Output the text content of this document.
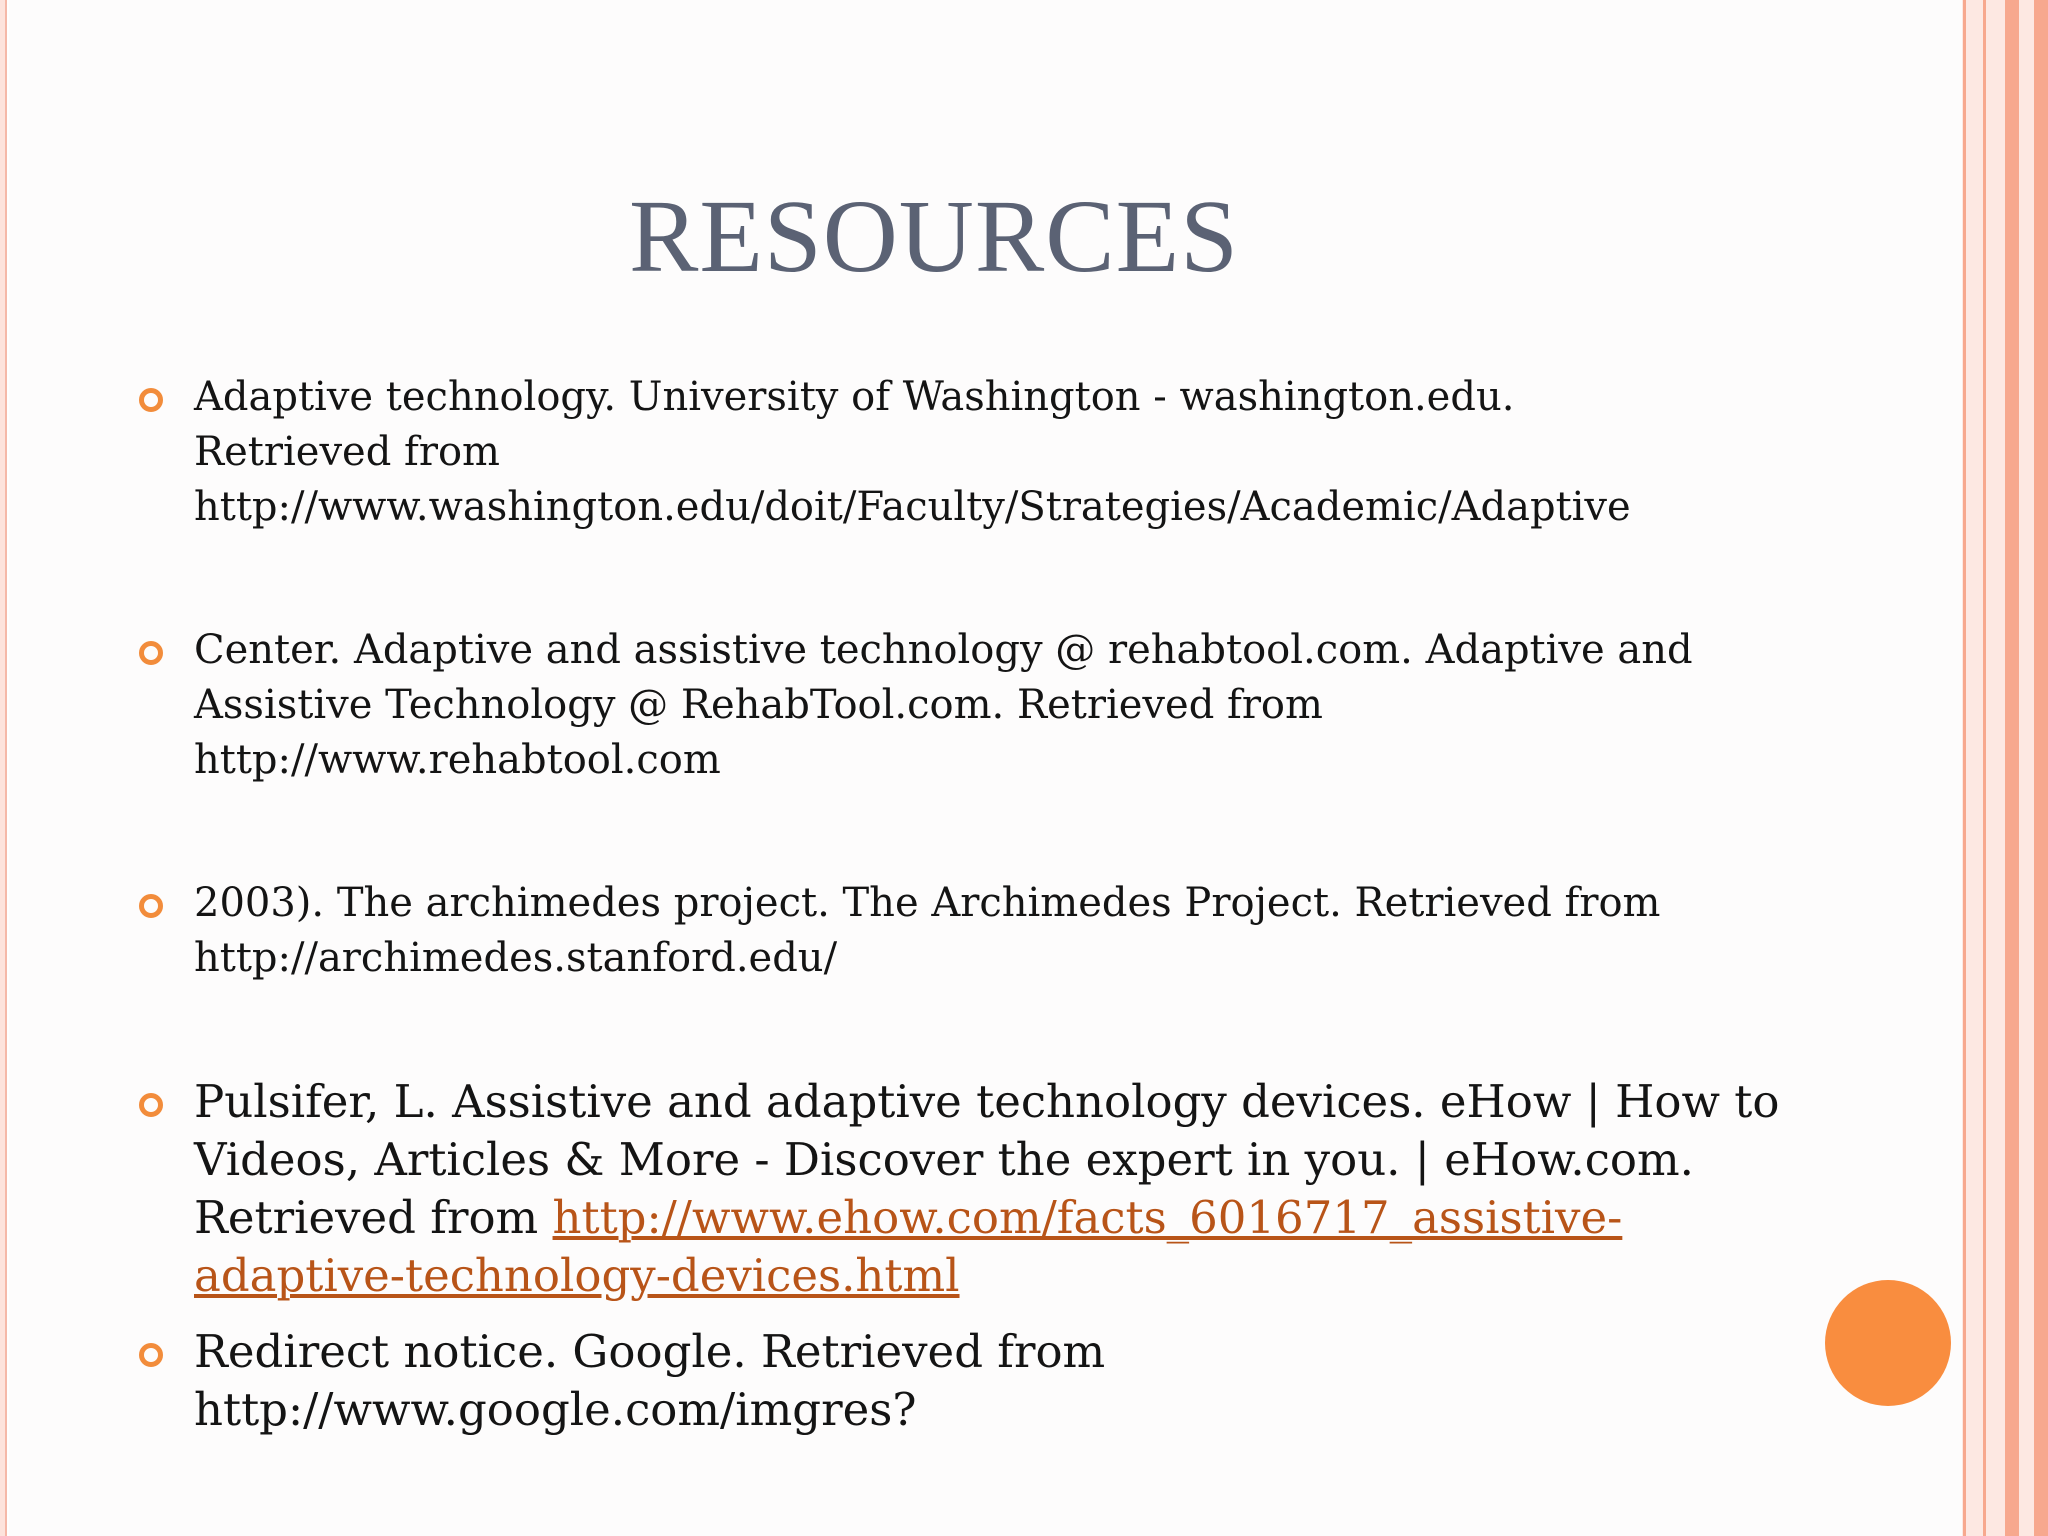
RESOURCES
Adaptive technology. University of Washington - washington.edu.
Retrieved from
http://www.washington.edu/doit/Faculty/Strategies/Academic/Adaptive
Center. Adaptive and assistive technology @ rehabtool.com. Adaptive and
Assistive Technology @ RehabTool.com. Retrieved from
http://www.rehabtool.com
2003). The archimedes project. The Archimedes Project. Retrieved from
http://archimedes.stanford.edu/
Pulsifer, L. Assistive and adaptive technology devices. eHow | How to
Videos, Articles & More - Discover the expert in you. | eHow.com.
Retrieved from http://www.ehow.com/facts_6016717_assistive-
adaptive-technology-devices.html
Redirect notice. Google. Retrieved from
http://www.google.com/imgres?
